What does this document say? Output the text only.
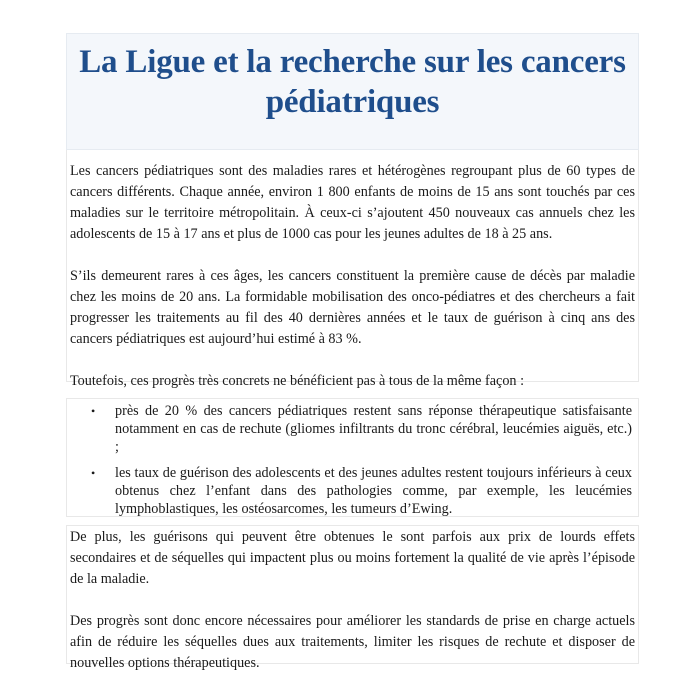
La Ligue et la recherche sur les cancers pédiatriques

Les cancers pédiatriques sont des maladies rares et hétérogènes regroupant plus de 60 types de cancers différents. Chaque année, environ 1 800 enfants de moins de 15 ans sont touchés par ces maladies sur le territoire métropolitain. À ceux-ci s’ajoutent 450 nouveaux cas annuels chez les adolescents de 15 à 17 ans et plus de 1000 cas pour les jeunes adultes de 18 à 25 ans.

S’ils demeurent rares à ces âges, les cancers constituent la première cause de décès par maladie chez les moins de 20 ans. La formidable mobilisation des onco-pédiatres et des chercheurs a fait progresser les traitements au fil des 40 dernières années et le taux de guérison à cinq ans des cancers pédiatriques est aujourd’hui estimé à 83 %.

Toutefois, ces progrès très concrets ne bénéficient pas à tous de la même façon :

• près de 20 % des cancers pédiatriques restent sans réponse thérapeutique satisfaisante notamment en cas de rechute (gliomes infiltrants du tronc cérébral, leucémies aiguës, etc.) ;
• les taux de guérison des adolescents et des jeunes adultes restent toujours inférieurs à ceux obtenus chez l’enfant dans des pathologies comme, par exemple, les leucémies lymphoblastiques, les ostéosarcomes, les tumeurs d’Ewing.

De plus, les guérisons qui peuvent être obtenues le sont parfois aux prix de lourds effets secondaires et de séquelles qui impactent plus ou moins fortement la qualité de vie après l’épisode de la maladie.

Des progrès sont donc encore nécessaires pour améliorer les standards de prise en charge actuels afin de réduire les séquelles dues aux traitements, limiter les risques de rechute et disposer de nouvelles options thérapeutiques.
